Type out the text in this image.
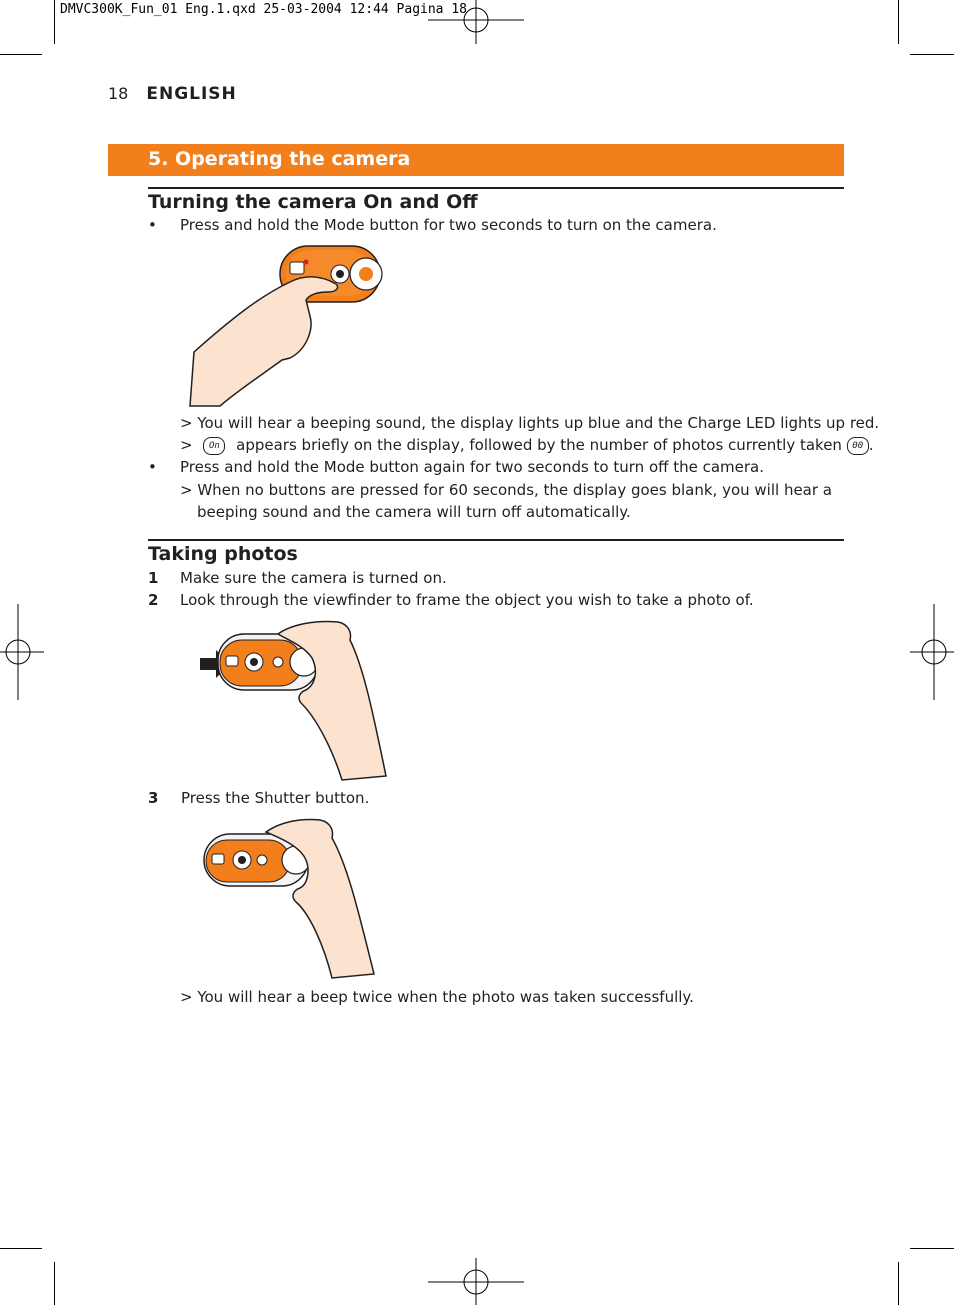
DMVC300K_Fun_01 Eng.1.qxd 25-03-2004 12:44 Pagina 18
18 ENGLISH
5. Operating the camera
Turning the camera On and Off
• Press and hold the Mode button for two seconds to turn on the camera.
> You will hear a beeping sound, the display lights up blue and the Charge LED lights up red.
> On appears briefly on the display, followed by the number of photos currently taken 00 .
• Press and hold the Mode button again for two seconds to turn off the camera.
> When no buttons are pressed for 60 seconds, the display goes blank, you will hear a
beeping sound and the camera will turn off automatically.
Taking photos
1 Make sure the camera is turned on.
2 Look through the viewfinder to frame the object you wish to take a photo of.
3 Press the Shutter button.
> You will hear a beep twice when the photo was taken successfully.
